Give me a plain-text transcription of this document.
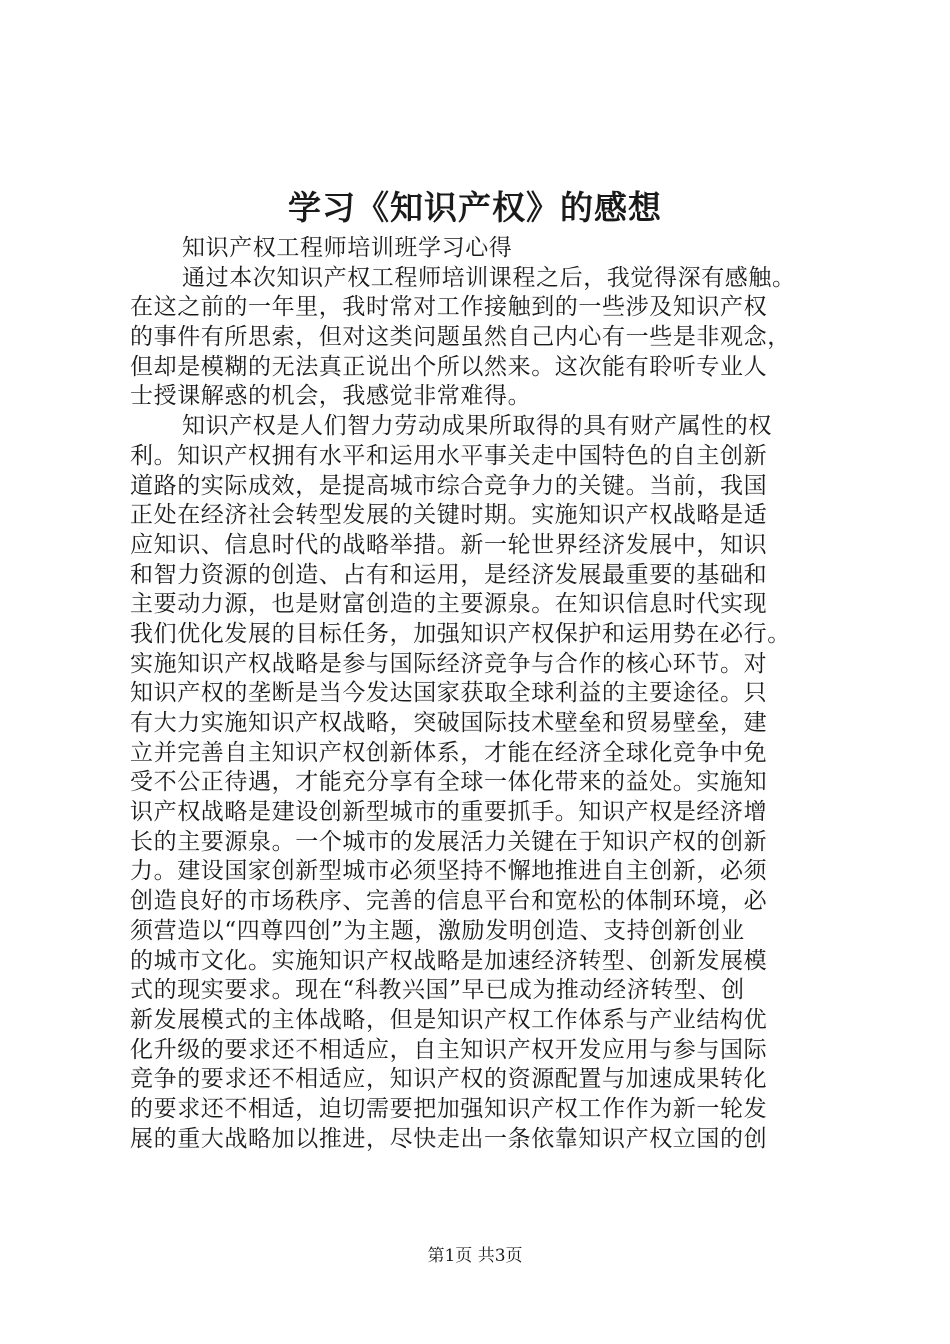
学习《知识产权》的感想
知识产权工程师培训班学习心得
通过本次知识产权工程师培训课程之后，我觉得深有感触。
在这之前的一年里，我时常对工作接触到的一些涉及知识产权
的事件有所思索，但对这类问题虽然自己内心有一些是非观念，
但却是模糊的无法真正说出个所以然来。这次能有聆听专业人
士授课解惑的机会，我感觉非常难得。
知识产权是人们智力劳动成果所取得的具有财产属性的权
利。知识产权拥有水平和运用水平事关走中国特色的自主创新
道路的实际成效，是提高城市综合竞争力的关键。当前，我国
正处在经济社会转型发展的关键时期。实施知识产权战略是适
应知识、信息时代的战略举措。新一轮世界经济发展中，知识
和智力资源的创造、占有和运用，是经济发展最重要的基础和
主要动力源，也是财富创造的主要源泉。在知识信息时代实现
我们优化发展的目标任务，加强知识产权保护和运用势在必行。
实施知识产权战略是参与国际经济竞争与合作的核心环节。对
知识产权的垄断是当今发达国家获取全球利益的主要途径。只
有大力实施知识产权战略，突破国际技术壁垒和贸易壁垒，建
立并完善自主知识产权创新体系，才能在经济全球化竞争中免
受不公正待遇，才能充分享有全球一体化带来的益处。实施知
识产权战略是建设创新型城市的重要抓手。知识产权是经济增
长的主要源泉。一个城市的发展活力关键在于知识产权的创新
力。建设国家创新型城市必须坚持不懈地推进自主创新，必须
创造良好的市场秩序、完善的信息平台和宽松的体制环境，必
须营造以“四尊四创”为主题，激励发明创造、支持创新创业
的城市文化。实施知识产权战略是加速经济转型、创新发展模
式的现实要求。现在“科教兴国”早已成为推动经济转型、创
新发展模式的主体战略，但是知识产权工作体系与产业结构优
化升级的要求还不相适应，自主知识产权开发应用与参与国际
竞争的要求还不相适应，知识产权的资源配置与加速成果转化
的要求还不相适，迫切需要把加强知识产权工作作为新一轮发
展的重大战略加以推进，尽快走出一条依靠知识产权立国的创
第1页 共3页
